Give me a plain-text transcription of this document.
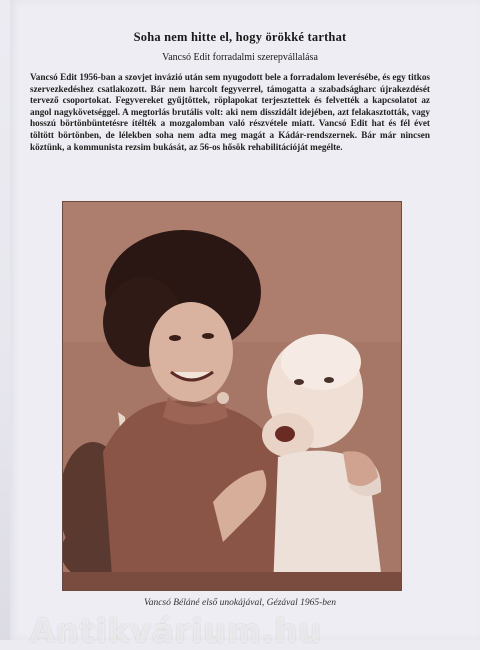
Soha nem hitte el, hogy örökké tarthat
Vancsó Edit forradalmi szerepvállalása
Vancsó Edit 1956-ban a szovjet invázió után sem nyugodott bele a forradalom leverésébe, és egy titkos szervezkedéshez csatlakozott. Bár nem harcolt fegyverrel, támogatta a szabadságharc újrakezdését tervező csoportokat. Fegyvereket gyűjtöttek, röplapokat terjesztettek és felvették a kapcsolatot az angol nagykövetséggel. A megtorlás brutális volt: aki nem disszidált idejében, azt felakasztották, vagy hosszú börtönbüntetésre ítélték a mozgalomban való részvétele miatt. Vancsó Edit hat és fél évet töltött börtönben, de lélekben soha nem adta meg magát a Kádár-rendszernek. Bár már nincsen köztünk, a kommunista rezsim bukását, az 56-os hősök rehabilitációját megélte.
Vancsó Béláné első unokájával, Gézával 1965-ben
Antikvárium.hu
